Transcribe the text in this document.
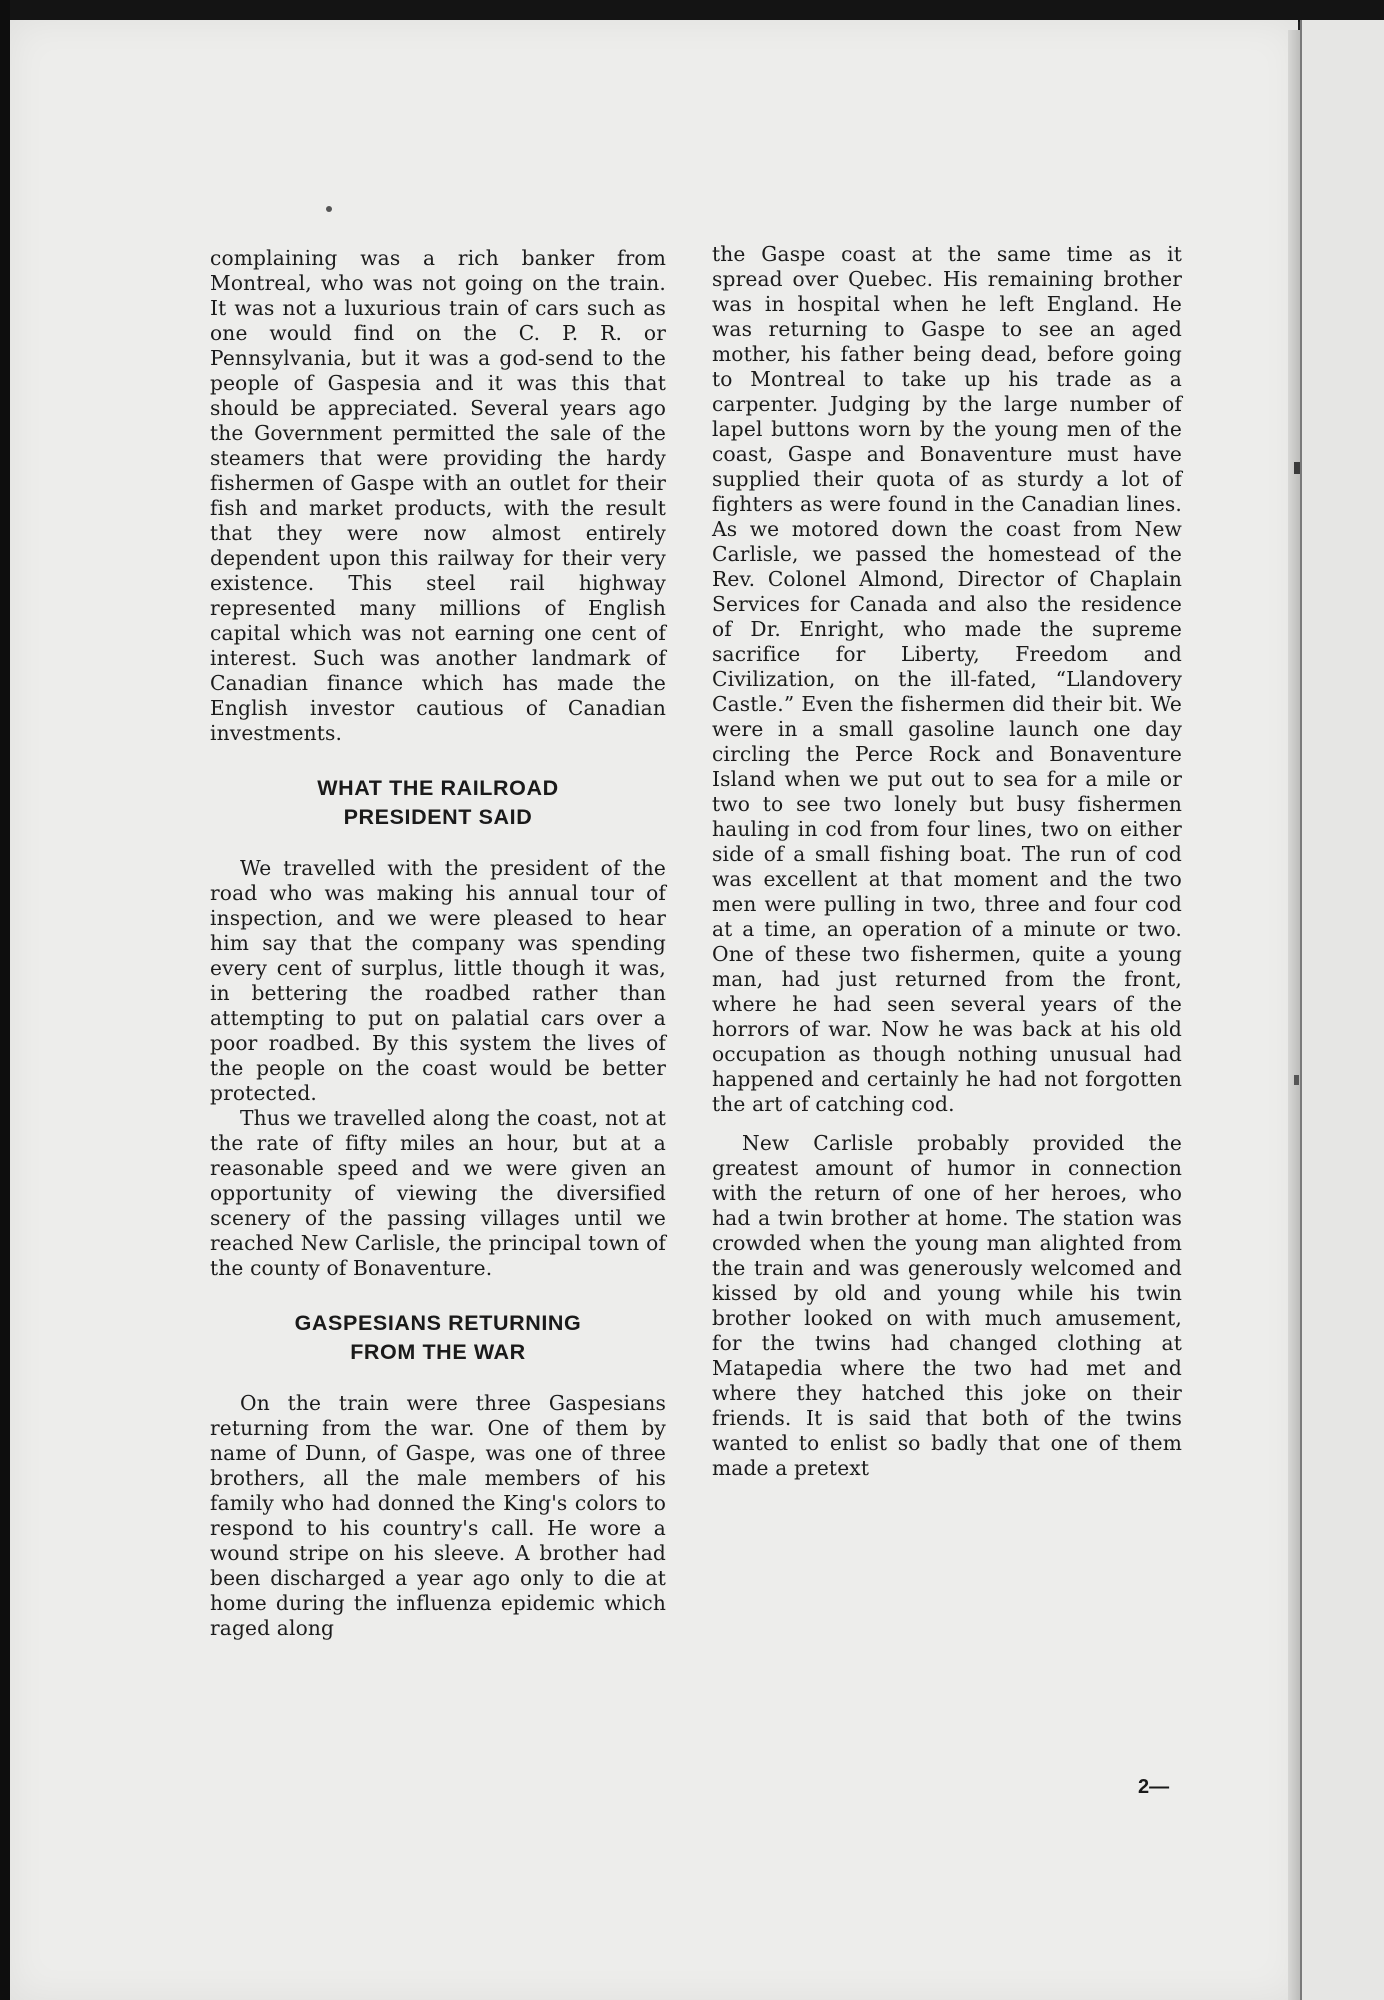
complaining was a rich banker from Montreal, who was not going on the train. It was not a luxurious train of cars such as one would find on the C. P. R. or Pennsylvania, but it was a god-send to the people of Gaspesia and it was this that should be appreciated. Several years ago the Government permitted the sale of the steamers that were providing the hardy fishermen of Gaspe with an outlet for their fish and market products, with the result that they were now almost entirely dependent upon this railway for their very existence. This steel rail highway represented many millions of English capital which was not earning one cent of interest. Such was another landmark of Canadian finance which has made the English investor cautious of Canadian investments.

WHAT THE RAILROAD
PRESIDENT SAID

We travelled with the president of the road who was making his annual tour of inspection, and we were pleased to hear him say that the company was spending every cent of surplus, little though it was, in bettering the roadbed rather than attempting to put on palatial cars over a poor roadbed. By this system the lives of the people on the coast would be better protected.

Thus we travelled along the coast, not at the rate of fifty miles an hour, but at a reasonable speed and we were given an opportunity of viewing the diversified scenery of the passing villages until we reached New Carlisle, the principal town of the county of Bonaventure.

GASPESIANS RETURNING
FROM THE WAR

On the train were three Gaspesians returning from the war. One of them by name of Dunn, of Gaspe, was one of three brothers, all the male members of his family who had donned the King's colors to respond to his country's call. He wore a wound stripe on his sleeve. A brother had been discharged a year ago only to die at home during the influenza epidemic which raged along

the Gaspe coast at the same time as it spread over Quebec. His remaining brother was in hospital when he left England. He was returning to Gaspe to see an aged mother, his father being dead, before going to Montreal to take up his trade as a carpenter. Judging by the large number of lapel buttons worn by the young men of the coast, Gaspe and Bonaventure must have supplied their quota of as sturdy a lot of fighters as were found in the Canadian lines. As we motored down the coast from New Carlisle, we passed the homestead of the Rev. Colonel Almond, Director of Chaplain Services for Canada and also the residence of Dr. Enright, who made the supreme sacrifice for Liberty, Freedom and Civilization, on the ill-fated, “Llandovery Castle.” Even the fishermen did their bit. We were in a small gasoline launch one day circling the Perce Rock and Bonaventure Island when we put out to sea for a mile or two to see two lonely but busy fishermen hauling in cod from four lines, two on either side of a small fishing boat. The run of cod was excellent at that moment and the two men were pulling in two, three and four cod at a time, an operation of a minute or two. One of these two fishermen, quite a young man, had just returned from the front, where he had seen several years of the horrors of war. Now he was back at his old occupation as though nothing unusual had happened and certainly he had not forgotten the art of catching cod.

New Carlisle probably provided the greatest amount of humor in connection with the return of one of her heroes, who had a twin brother at home. The station was crowded when the young man alighted from the train and was generously welcomed and kissed by old and young while his twin brother looked on with much amusement, for the twins had changed clothing at Matapedia where the two had met and where they hatched this joke on their friends. It is said that both of the twins wanted to enlist so badly that one of them made a pretext

2—
